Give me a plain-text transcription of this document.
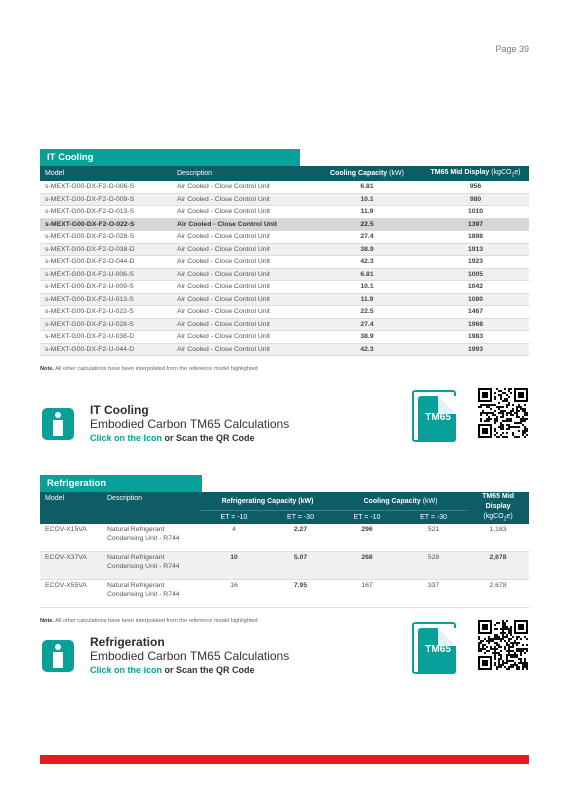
Page 39
IT Cooling
Model	Description	Cooling Capacity (kW)	TM65 Mid Display (kgCO$_2$e)
s-MEXT-G00-DX-F2-O-006-S	Air Cooled - Close Control Unit	6.81	956
s-MEXT-G00-DX-F2-O-009-S	Air Cooled - Close Control Unit	10.1	980
s-MEXT-G00-DX-F2-O-013-S	Air Cooled - Close Control Unit	11.9	1010
s-MEXT-G00-DX-F2-O-022-S	Air Cooled - Close Control Unit	22.5	1397
s-MEXT-G00-DX-F2-O-028-S	Air Cooled - Close Control Unit	27.4	1898
s-MEXT-G00-DX-F2-O-038-D	Air Cooled - Close Control Unit	38.9	1913
s-MEXT-G00-DX-F2-O-044-D	Air Cooled - Close Control Unit	42.3	1923
s-MEXT-G00-DX-F2-U-006-S	Air Cooled - Close Control Unit	6.81	1005
s-MEXT-G00-DX-F2-U-009-S	Air Cooled - Close Control Unit	10.1	1042
s-MEXT-G00-DX-F2-U-013-S	Air Cooled - Close Control Unit	11.9	1080
s-MEXT-G00-DX-F2-U-022-S	Air Cooled - Close Control Unit	22.5	1467
s-MEXT-G00-DX-F2-U-028-S	Air Cooled - Close Control Unit	27.4	1968
s-MEXT-G00-DX-F2-U-038-D	Air Cooled - Close Control Unit	38.9	1983
s-MEXT-G00-DX-F2-U-044-D	Air Cooled - Close Control Unit	42.3	1993
Note. All other calculations have been interpolated from the reference model highlighted
IT Cooling
Embodied Carbon TM65 Calculations
Click on the Icon or Scan the QR Code
TM65
Refrigeration
Model	Description	Refrigerating Capacity (kW)		Cooling Capacity (kW)		TM65 Mid Display
(kgCO$_2$e)
		ET = -10	ET = -30	ET = -10	ET = -30	
ECOV-X15VA	Natural Refrigerant Condensing Unit - R744	4	2.27	296	521	1,183
ECOV-X37VA	Natural Refrigerant Condensing Unit - R744	10	5.07	268	528	2,678
ECOV-X55VA	Natural Refrigerant Condensing Unit - R744	16	7.95	167	337	2,678
Note. All other calculations have been interpolated from the reference model highlighted
Refrigeration
Embodied Carbon TM65 Calculations
Click on the icon or Scan the QR Code
TM65
